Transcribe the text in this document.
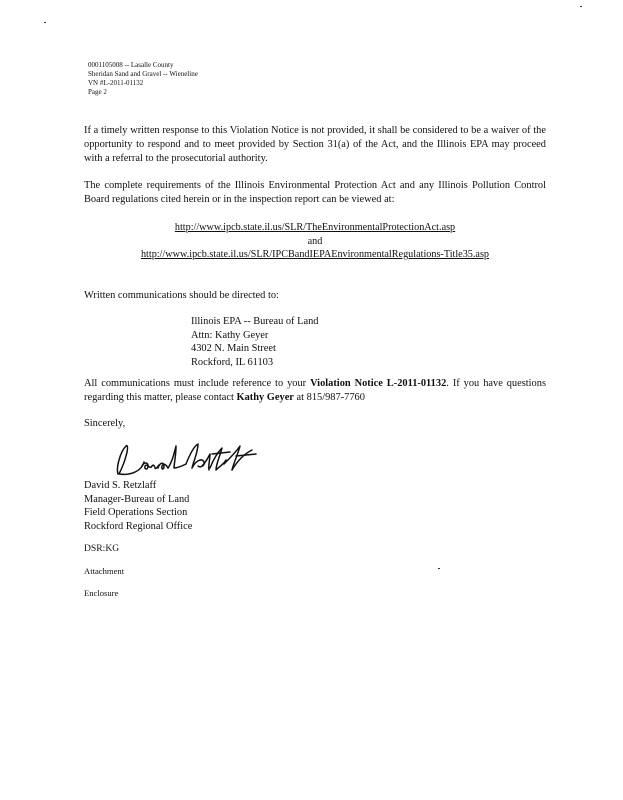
0001105008 -- Lasalle County
Sheridan Sand and Gravel -- Wieneline
VN #L-2011-01132
Page 2
If a timely written response to this Violation Notice is not provided, it shall be considered to be a waiver of the opportunity to respond and to meet provided by Section 31(a) of the Act, and the Illinois EPA may proceed with a referral to the prosecutorial authority.
The complete requirements of the Illinois Environmental Protection Act and any Illinois Pollution Control Board regulations cited herein or in the inspection report can be viewed at:
http://www.ipcb.state.il.us/SLR/TheEnvironmentalProtectionAct.asp
and
http://www.ipcb.state.il.us/SLR/IPCBandIEPAEnvironmentalRegulations-Title35.asp
Written communications should be directed to:
Illinois EPA -- Bureau of Land
Attn: Kathy Geyer
4302 N. Main Street
Rockford, IL 61103
All communications must include reference to your Violation Notice L-2011-01132. If you have questions regarding this matter, please contact Kathy Geyer at 815/987-7760
Sincerely,
David S. Retzlaff
Manager-Bureau of Land
Field Operations Section
Rockford Regional Office
DSR:KG
Attachment
Enclosure
